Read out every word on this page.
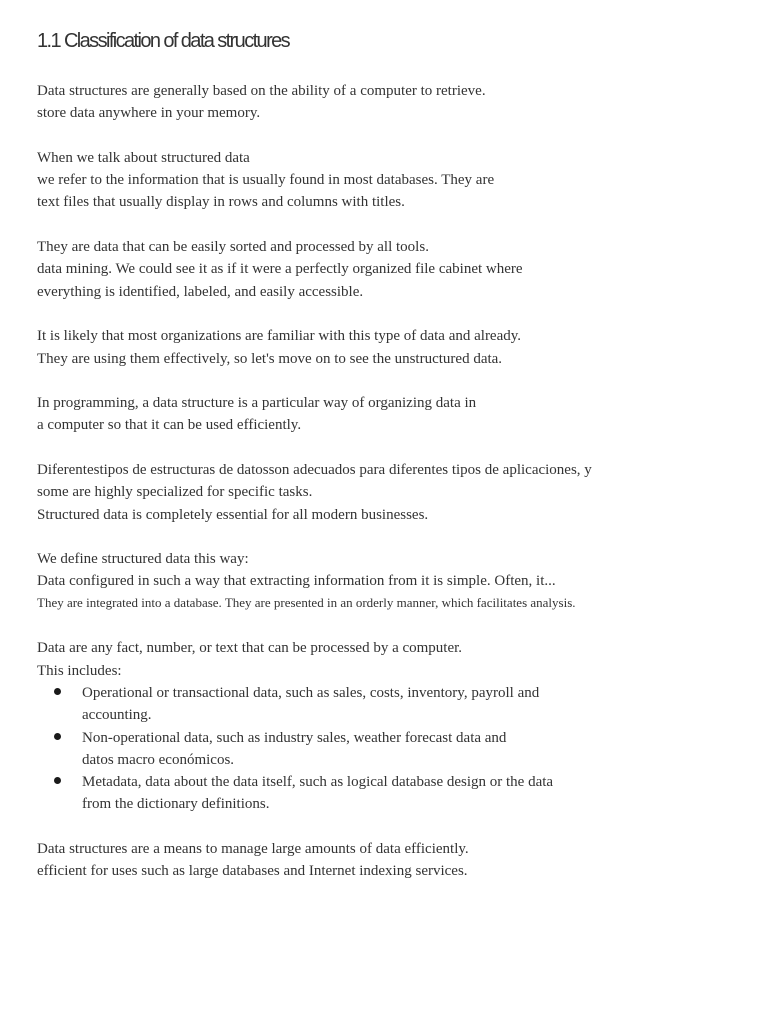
1.1 Classification of data structures

Data structures are generally based on the ability of a computer to retrieve.

store data anywhere in your memory.

When we talk about structured data

we refer to the information that is usually found in most databases. They are

text files that usually display in rows and columns with titles.

They are data that can be easily sorted and processed by all tools.

data mining. We could see it as if it were a perfectly organized file cabinet where

everything is identified, labeled, and easily accessible.

It is likely that most organizations are familiar with this type of data and already.

They are using them effectively, so let's move on to see the unstructured data.

In programming, a data structure is a particular way of organizing data in

a computer so that it can be used efficiently.

Diferentestipos de estructuras de datosson adecuados para diferentes tipos de aplicaciones, y

some are highly specialized for specific tasks.

Structured data is completely essential for all modern businesses.

We define structured data this way:

Data configured in such a way that extracting information from it is simple. Often, it...

They are integrated into a database. They are presented in an orderly manner, which facilitates analysis.

Data are any fact, number, or text that can be processed by a computer.

This includes:

Operational or transactional data, such as sales, costs, inventory, payroll and

accounting.

Non-operational data, such as industry sales, weather forecast data and

datos macro económicos.

Metadata, data about the data itself, such as logical database design or the data

from the dictionary definitions.

Data structures are a means to manage large amounts of data efficiently.

efficient for uses such as large databases and Internet indexing services.
